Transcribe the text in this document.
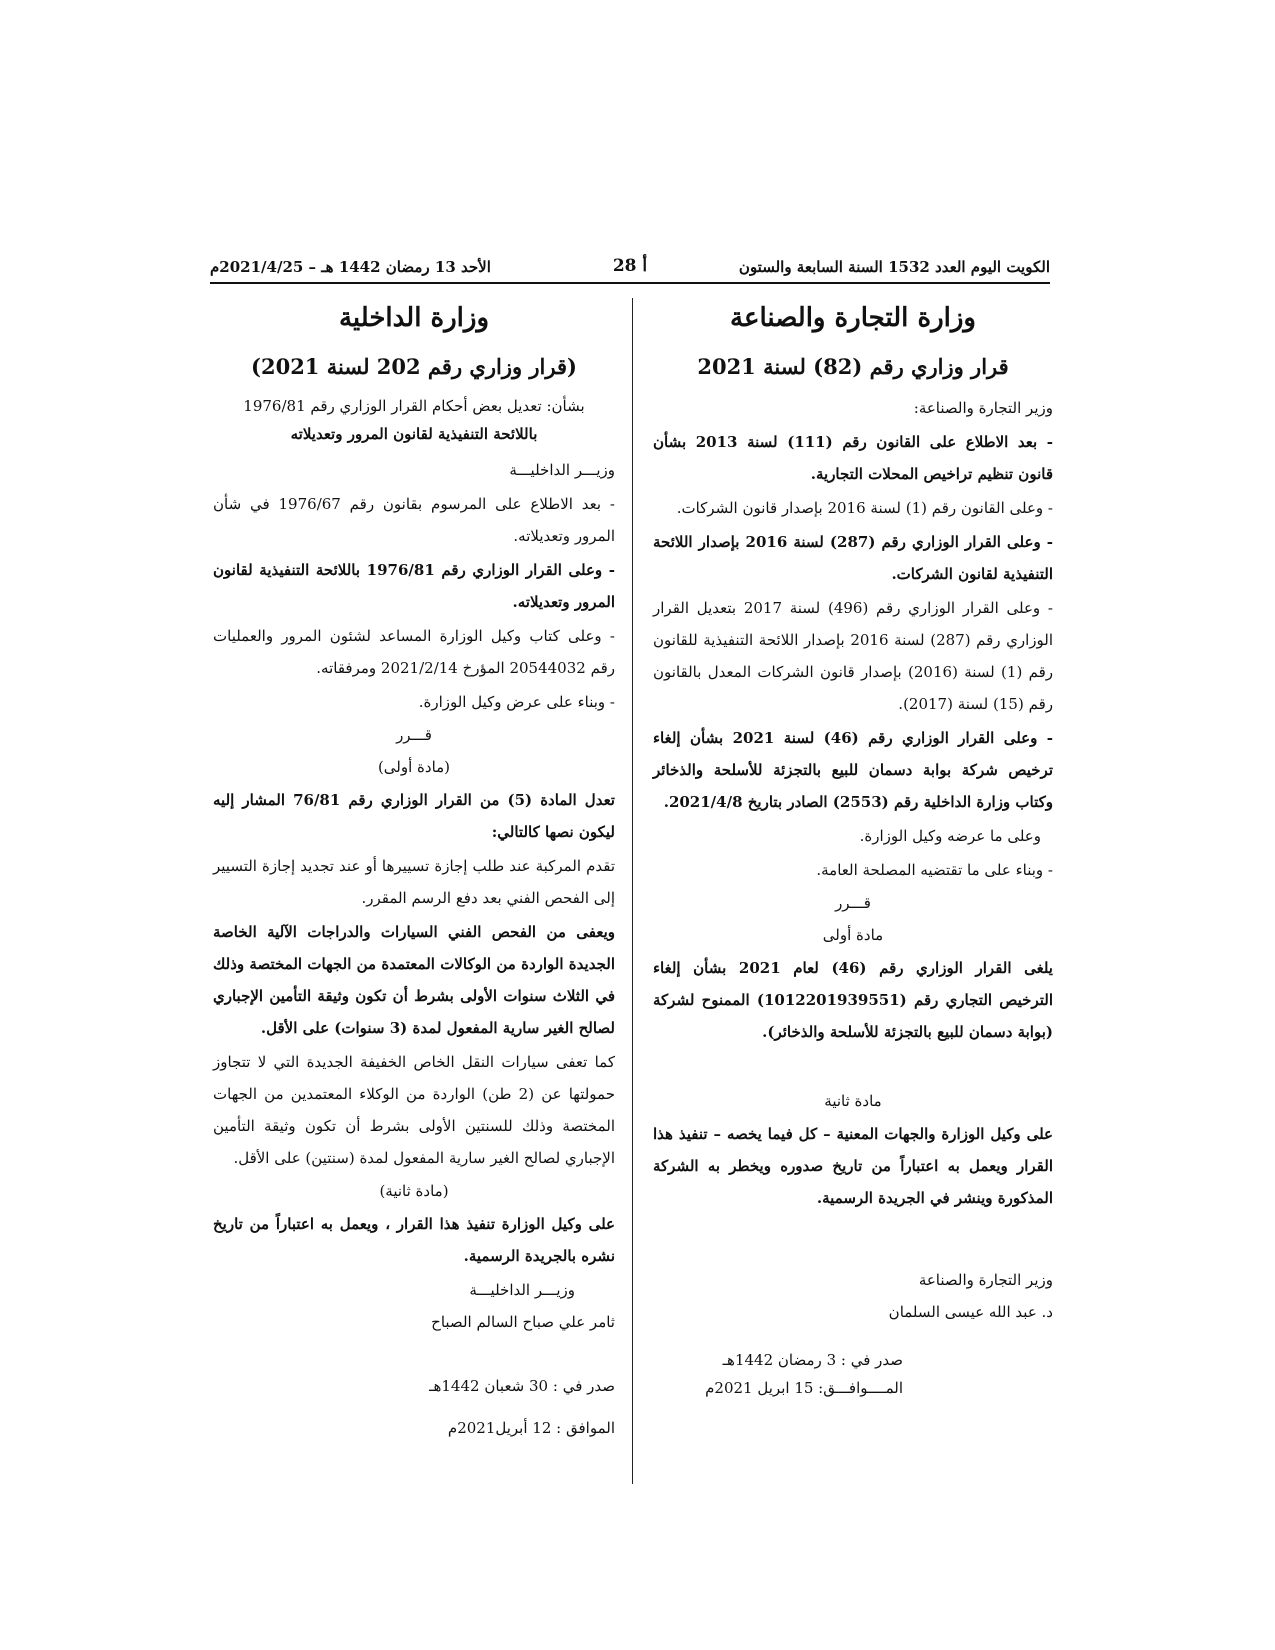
الكويت اليوم العدد 1532 السنة السابعة والستون
أ 28
الأحد 13 رمضان 1442 هـ – 2021/4/25م
وزارة التجارة والصناعة
قرار وزاري رقم (82) لسنة 2021

وزير التجارة والصناعة:

- بعد الاطلاع على القانون رقم (111) لسنة 2013 بشأن قانون تنظيم تراخيص المحلات التجارية.

- وعلى القانون رقم (1) لسنة 2016 بإصدار قانون الشركات.

- وعلى القرار الوزاري رقم (287) لسنة 2016 بإصدار اللائحة التنفيذية لقانون الشركات.

- وعلى القرار الوزاري رقم (496) لسنة 2017 بتعديل القرار الوزاري رقم (287) لسنة 2016 بإصدار اللائحة التنفيذية للقانون رقم (1) لسنة (2016) بإصدار قانون الشركات المعدل بالقانون رقم (15) لسنة (2017).

- وعلى القرار الوزاري رقم (46) لسنة 2021 بشأن إلغاء ترخيص شركة بوابة دسمان للبيع بالتجزئة للأسلحة والذخائر وكتاب وزارة الداخلية رقم (2553) الصادر بتاريخ 2021/4/8.

وعلى ما عرضه وكيل الوزارة.

- وبناء على ما تقتضيه المصلحة العامة.

قـــرر
مادة أولى

يلغى القرار الوزاري رقم (46) لعام 2021 بشأن إلغاء الترخيص التجاري رقم (1012201939551) الممنوح لشركة (بوابة دسمان للبيع بالتجزئة للأسلحة والذخائر).

مادة ثانية

على وكيل الوزارة والجهات المعنية – كل فيما يخصه – تنفيذ هذا القرار ويعمل به اعتباراً من تاريخ صدوره ويخطر به الشركة المذكورة وينشر في الجريدة الرسمية.

وزير التجارة والصناعة

د. عبد الله عيسى السلمان

صدر في : 3 رمضان 1442هـ

المــــوافـــق: 15 ابريل 2021م

وزارة الداخلية
(قرار وزاري رقم 202 لسنة 2021)

بشأن: تعديل بعض أحكام القرار الوزاري رقم 1976/81

باللائحة التنفيذية لقانون المرور وتعديلاته

وزيـــر الداخليـــة

- بعد الاطلاع على المرسوم بقانون رقم 1976/67 في شأن المرور وتعديلاته.

- وعلى القرار الوزاري رقم 1976/81 باللائحة التنفيذية لقانون المرور وتعديلاته.

- وعلى كتاب وكيل الوزارة المساعد لشئون المرور والعمليات رقم 20544032 المؤرخ 2021/2/14 ومرفقاته.

- وبناء على عرض وكيل الوزارة.

قـــرر
(مادة أولى)

تعدل المادة (5) من القرار الوزاري رقم 76/81 المشار إليه ليكون نصها كالتالي:

تقدم المركبة عند طلب إجازة تسييرها أو عند تجديد إجازة التسيير إلى الفحص الفني بعد دفع الرسم المقرر.

ويعفى من الفحص الفني السيارات والدراجات الآلية الخاصة الجديدة الواردة من الوكالات المعتمدة من الجهات المختصة وذلك في الثلاث سنوات الأولى بشرط أن تكون وثيقة التأمين الإجباري لصالح الغير سارية المفعول لمدة (3 سنوات) على الأقل.

كما تعفى سيارات النقل الخاص الخفيفة الجديدة التي لا تتجاوز حمولتها عن (2 طن) الواردة من الوكلاء المعتمدين من الجهات المختصة وذلك للسنتين الأولى بشرط أن تكون وثيقة التأمين الإجباري لصالح الغير سارية المفعول لمدة (سنتين) على الأقل.

(مادة ثانية)

على وكيل الوزارة تنفيذ هذا القرار ، ويعمل به اعتباراً من تاريخ نشره بالجريدة الرسمية.

وزيـــر الداخليـــة

ثامر علي صباح السالم الصباح

صدر في : 30 شعبان 1442هـ

الموافق : 12 أبريل2021م
